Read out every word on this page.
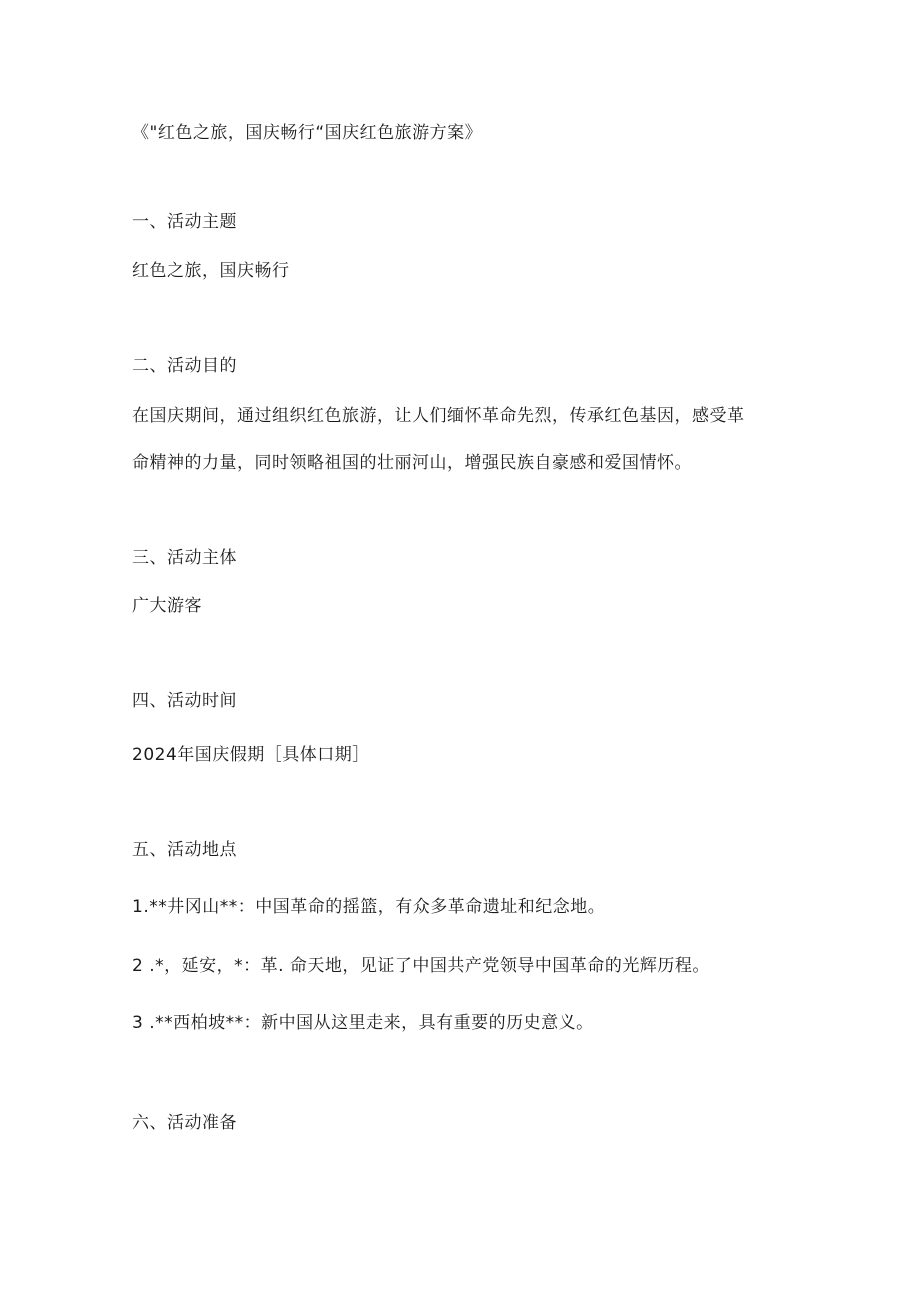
《"红色之旅，国庆畅行“国庆红色旅游方案》
一、活动主题
红色之旅，国庆畅行
二、活动目的
在国庆期间，通过组织红色旅游，让人们缅怀革命先烈，传承红色基因，感受革
命精神的力量，同时领略祖国的壮丽河山，增强民族自豪感和爱国情怀。
三、活动主体
广大游客
四、活动时间
2024年国庆假期［具体口期］
五、活动地点
1.**井冈山**：中国革命的摇篮，有众多革命遗址和纪念地。
2 .*，延安，*：革. 命天地，见证了中国共产党领导中国革命的光辉历程。
3 .**西柏坡**：新中国从这里走来，具有重要的历史意义。
六、活动准备
